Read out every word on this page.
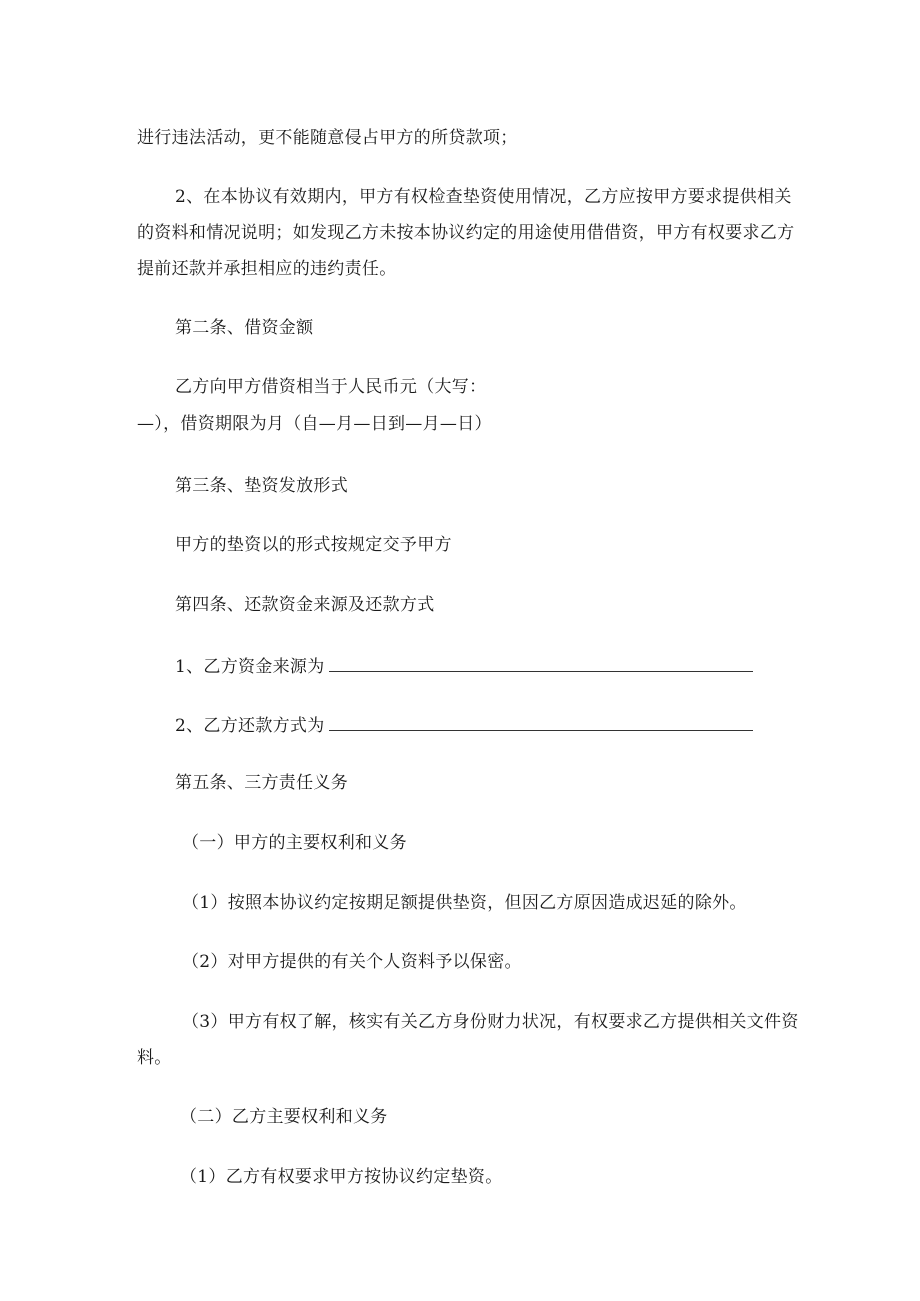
进行违法活动，更不能随意侵占甲方的所贷款项；
2、在本协议有效期内，甲方有权检查垫资使用情况，乙方应按甲方要求提供相关
的资料和情况说明；如发现乙方未按本协议约定的用途使用借借资，甲方有权要求乙方
提前还款并承担相应的违约责任。
第二条、借资金额
乙方向甲方借资相当于人民币元（大写：
—），借资期限为月（自—月—日到—月—日）
第三条、垫资发放形式
甲方的垫资以的形式按规定交予甲方
第四条、还款资金来源及还款方式
1、乙方资金来源为
2、乙方还款方式为
第五条、三方责任义务
（一）甲方的主要权利和义务
（1）按照本协议约定按期足额提供垫资，但因乙方原因造成迟延的除外。
（2）对甲方提供的有关个人资料予以保密。
（3）甲方有权了解，核实有关乙方身份财力状况，有权要求乙方提供相关文件资
料。
（二）乙方主要权利和义务
（1）乙方有权要求甲方按协议约定垫资。
